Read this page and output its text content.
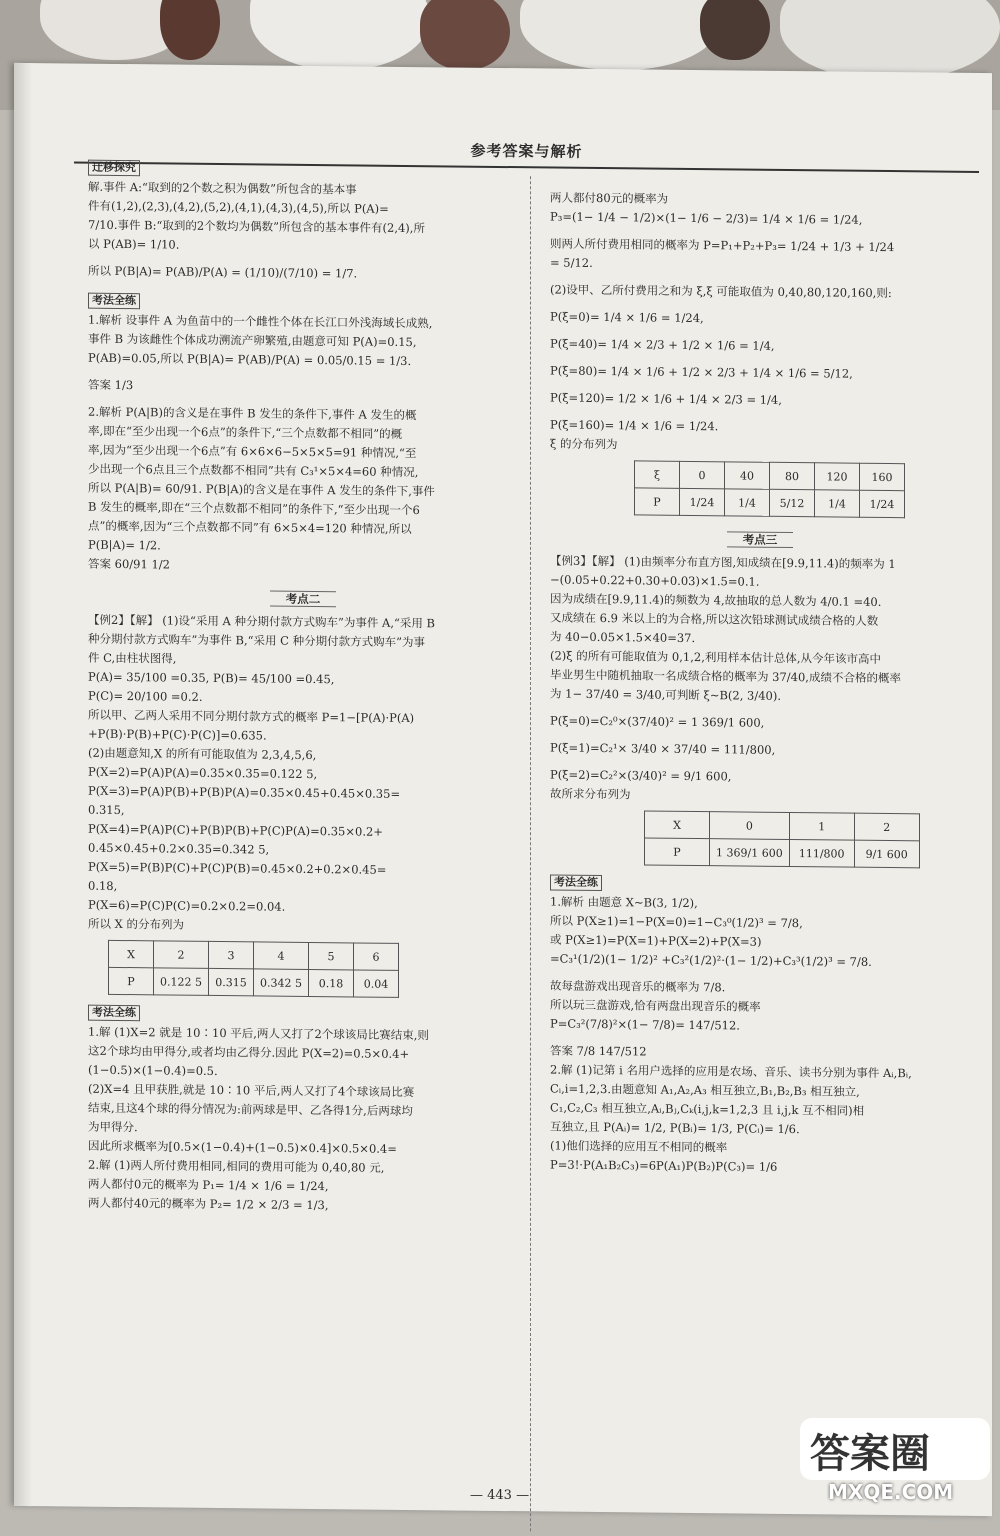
参考答案与解析
迁移探究

解.事件 A:“取到的2个数之积为偶数”所包含的基本事

件有(1,2),(2,3),(4,2),(5,2),(4,1),(4,3),(4,5),所以 P(A)=

7/10.事件 B:“取到的2个数均为偶数”所包含的基本事件有(2,4),所

以 P(AB)= 1/10.

所以 P(B|A)= P(AB)/P(A) = (1/10)/(7/10) = 1/7.

考法全练

1.解析 设事件 A 为鱼苗中的一个雌性个体在长江口外浅海域长成熟,

事件 B 为该雌性个体成功溯流产卵繁殖,由题意可知 P(A)=0.15,

P(AB)=0.05,所以 P(B|A)= P(AB)/P(A) = 0.05/0.15 = 1/3.

答案 1/3

2.解析 P(A|B)的含义是在事件 B 发生的条件下,事件 A 发生的概

率,即在“至少出现一个6点”的条件下,“三个点数都不相同”的概

率,因为“至少出现一个6点”有 6×6×6−5×5×5=91 种情况,“至

少出现一个6点且三个点数都不相同”共有 C₃¹×5×4=60 种情况,

所以 P(A|B)= 60/91. P(B|A)的含义是在事件 A 发生的条件下,事件

B 发生的概率,即在“三个点数都不相同”的条件下,“至少出现一个6

点”的概率,因为“三个点数都不同”有 6×5×4=120 种情况,所以

P(B|A)= 1/2.

答案 60/91 1/2

考点二

【例2】【解】 (1)设“采用 A 种分期付款方式购车”为事件 A,“采用 B

种分期付款方式购车”为事件 B,“采用 C 种分期付款方式购车”为事

件 C,由柱状图得,

P(A)= 35/100 =0.35, P(B)= 45/100 =0.45,

P(C)= 20/100 =0.2.

所以甲、乙两人采用不同分期付款方式的概率 P=1−[P(A)·P(A)

+P(B)·P(B)+P(C)·P(C)]=0.635.

(2)由题意知,X 的所有可能取值为 2,3,4,5,6,

P(X=2)=P(A)P(A)=0.35×0.35=0.122 5,

P(X=3)=P(A)P(B)+P(B)P(A)=0.35×0.45+0.45×0.35=

0.315,

P(X=4)=P(A)P(C)+P(B)P(B)+P(C)P(A)=0.35×0.2+

0.45×0.45+0.2×0.35=0.342 5,

P(X=5)=P(B)P(C)+P(C)P(B)=0.45×0.2+0.2×0.45=

0.18,

P(X=6)=P(C)P(C)=0.2×0.2=0.04.

所以 X 的分布列为

X	2	3	4	5	6
P	0.122 5	0.315	0.342 5	0.18	0.04
考法全练

1.解 (1)X=2 就是 10∶10 平后,两人又打了2个球该局比赛结束,则

这2个球均由甲得分,或者均由乙得分.因此 P(X=2)=0.5×0.4+

(1−0.5)×(1−0.4)=0.5.

(2)X=4 且甲获胜,就是 10∶10 平后,两人又打了4个球该局比赛

结束,且这4个球的得分情况为:前两球是甲、乙各得1分,后两球均

为甲得分.

因此所求概率为[0.5×(1−0.4)+(1−0.5)×0.4]×0.5×0.4=

2.解 (1)两人所付费用相同,相同的费用可能为 0,40,80 元,

两人都付0元的概率为 P₁= 1/4 × 1/6 = 1/24,

两人都付40元的概率为 P₂= 1/2 × 2/3 = 1/3,

两人都付80元的概率为

P₃=(1− 1/4 − 1/2)×(1− 1/6 − 2/3)= 1/4 × 1/6 = 1/24,

则两人所付费用相同的概率为 P=P₁+P₂+P₃= 1/24 + 1/3 + 1/24

= 5/12.

(2)设甲、乙所付费用之和为 ξ,ξ 可能取值为 0,40,80,120,160,则:

P(ξ=0)= 1/4 × 1/6 = 1/24,

P(ξ=40)= 1/4 × 2/3 + 1/2 × 1/6 = 1/4,

P(ξ=80)= 1/4 × 1/6 + 1/2 × 2/3 + 1/4 × 1/6 = 5/12,

P(ξ=120)= 1/2 × 1/6 + 1/4 × 2/3 = 1/4,

P(ξ=160)= 1/4 × 1/6 = 1/24.

ξ 的分布列为

ξ	0	40	80	120	160
P	1/24	1/4	5/12	1/4	1/24
考点三

【例3】【解】 (1)由频率分布直方图,知成绩在[9.9,11.4)的频率为 1

−(0.05+0.22+0.30+0.03)×1.5=0.1.

因为成绩在[9.9,11.4)的频数为 4,故抽取的总人数为 4/0.1 =40.

又成绩在 6.9 米以上的为合格,所以这次铅球测试成绩合格的人数

为 40−0.05×1.5×40=37.

(2)ξ 的所有可能取值为 0,1,2,利用样本估计总体,从今年该市高中

毕业男生中随机抽取一名成绩合格的概率为 37/40,成绩不合格的概率

为 1− 37/40 = 3/40,可判断 ξ~B(2, 3/40).

P(ξ=0)=C₂⁰×(37/40)² = 1 369/1 600,

P(ξ=1)=C₂¹× 3/40 × 37/40 = 111/800,

P(ξ=2)=C₂²×(3/40)² = 9/1 600,

故所求分布列为

X	0	1	2
P	1 369/1 600	111/800	9/1 600
考法全练

1.解析 由题意 X~B(3, 1/2),

所以 P(X≥1)=1−P(X=0)=1−C₃⁰(1/2)³ = 7/8,

或 P(X≥1)=P(X=1)+P(X=2)+P(X=3)

=C₃¹(1/2)(1− 1/2)² +C₃²(1/2)²·(1− 1/2)+C₃³(1/2)³ = 7/8.

故每盘游戏出现音乐的概率为 7/8.

所以玩三盘游戏,恰有两盘出现音乐的概率

P=C₃²(7/8)²×(1− 7/8)= 147/512.

答案 7/8 147/512

2.解 (1)记第 i 名用户选择的应用是农场、音乐、读书分别为事件 Aᵢ,Bᵢ,

Cᵢ,i=1,2,3.由题意知 A₁,A₂,A₃ 相互独立,B₁,B₂,B₃ 相互独立,

C₁,C₂,C₃ 相互独立,Aᵢ,Bⱼ,Cₖ(i,j,k=1,2,3 且 i,j,k 互不相同)相

互独立,且 P(Aᵢ)= 1/2, P(Bᵢ)= 1/3, P(Cᵢ)= 1/6.

(1)他们选择的应用互不相同的概率

P=3!·P(A₁B₂C₃)=6P(A₁)P(B₂)P(C₃)= 1/6

— 443 —
答案圈
MXQE.COM
